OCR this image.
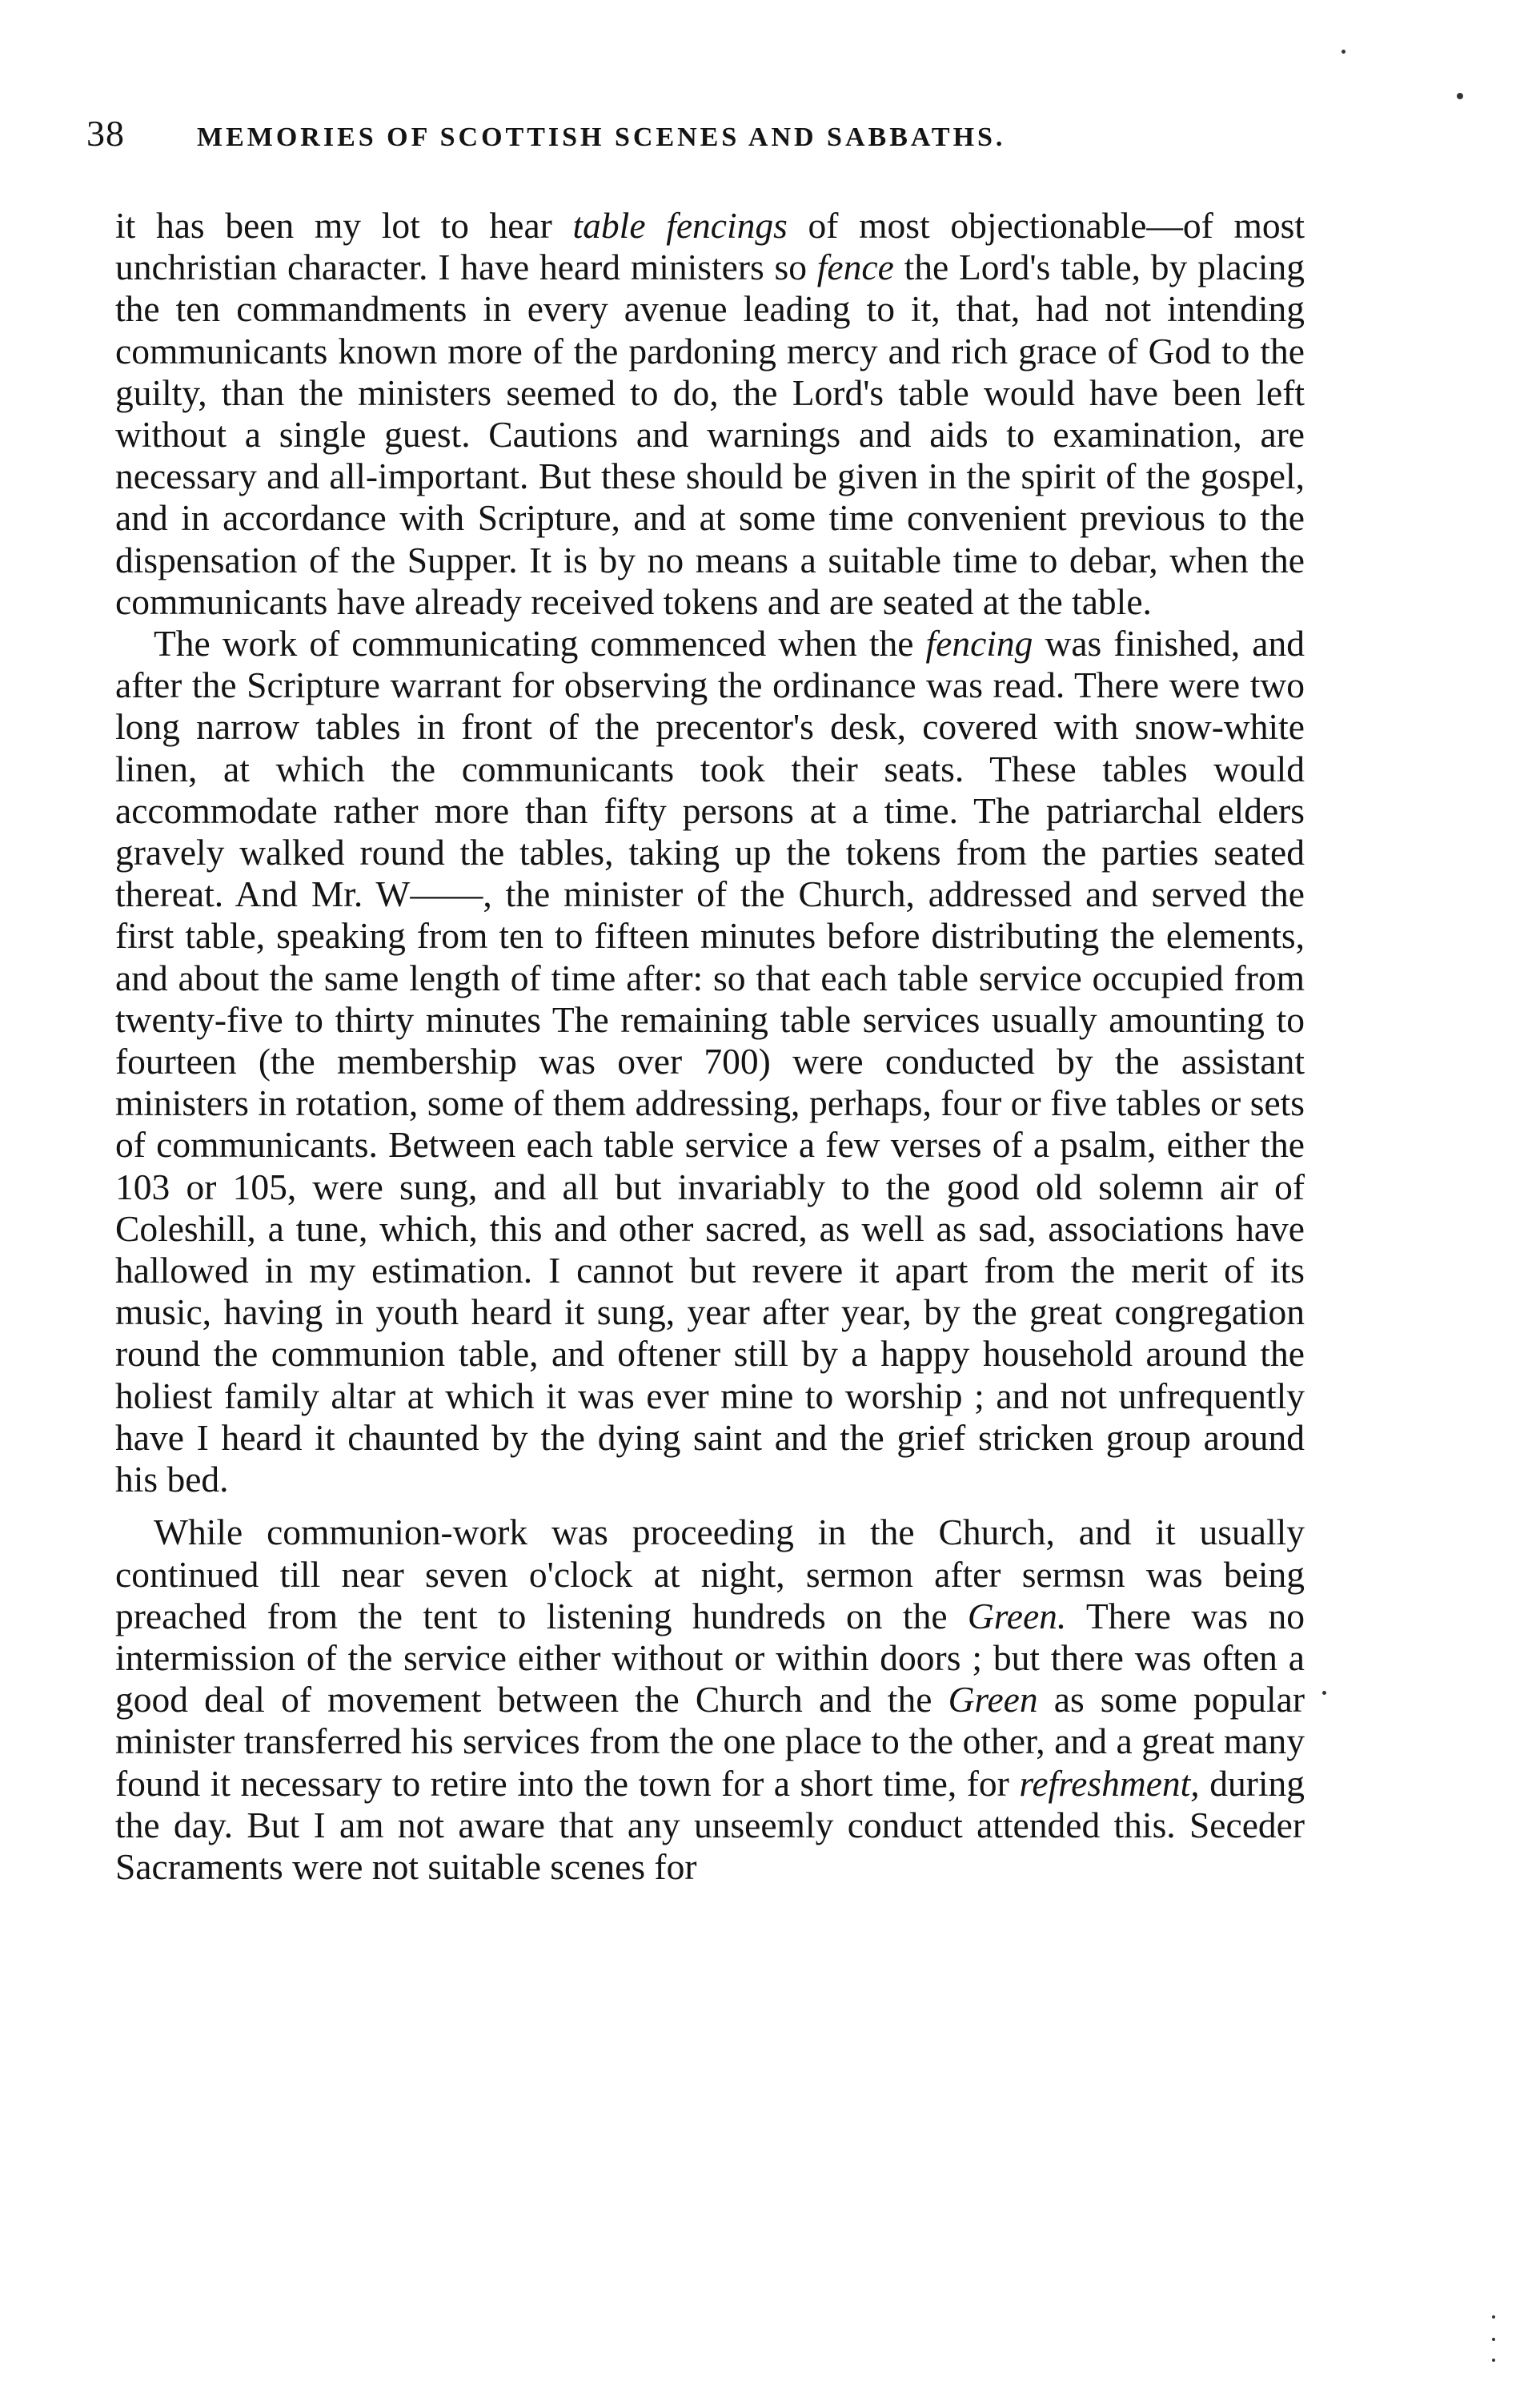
38	MEMORIES OF SCOTTISH SCENES AND SABBATHS.

it has been my lot to hear table fencings of most objectionable—of most unchristian character. I have heard ministers so fence the Lord's table, by placing the ten commandments in every avenue leading to it, that, had not intending communicants known more of the pardoning mercy and rich grace of God to the guilty, than the ministers seemed to do, the Lord's table would have been left without a single guest. Cautions and warnings and aids to examination, are necessary and all-important. But these should be given in the spirit of the gospel, and in accordance with Scripture, and at some time convenient previous to the dispensation of the Supper. It is by no means a suitable time to debar, when the communicants have already received tokens and are seated at the table.

The work of communicating commenced when the fencing was finished, and after the Scripture warrant for observing the ordinance was read. There were two long narrow tables in front of the precentor's desk, covered with snow-white linen, at which the communicants took their seats. These tables would accommodate rather more than fifty persons at a time. The patriarchal elders gravely walked round the tables, taking up the tokens from the parties seated thereat. And Mr. W——, the minister of the Church, addressed and served the first table, speaking from ten to fifteen minutes before distributing the elements, and about the same length of time after: so that each table service occupied from twenty-five to thirty minutes The remaining table services usually amounting to fourteen (the membership was over 700) were conducted by the assistant ministers in rotation, some of them addressing, perhaps, four or five tables or sets of communicants. Between each table service a few verses of a psalm, either the 103 or 105, were sung, and all but invariably to the good old solemn air of Coleshill, a tune, which, this and other sacred, as well as sad, associations have hallowed in my estimation. I cannot but revere it apart from the merit of its music, having in youth heard it sung, year after year, by the great congregation round the communion table, and oftener still by a happy household around the holiest family altar at which it was ever mine to worship ; and not unfrequently have I heard it chaunted by the dying saint and the grief stricken group around his bed.

While communion-work was proceeding in the Church, and it usually continued till near seven o'clock at night, sermon after sermsn was being preached from the tent to listening hundreds on the Green. There was no intermission of the service either without or within doors ; but there was often a good deal of movement between the Church and the Green as some popular minister transferred his services from the one place to the other, and a great many found it necessary to retire into the town for a short time, for refreshment, during the day. But I am not aware that any unseemly conduct attended this. Seceder Sacraments were not suitable scenes for
